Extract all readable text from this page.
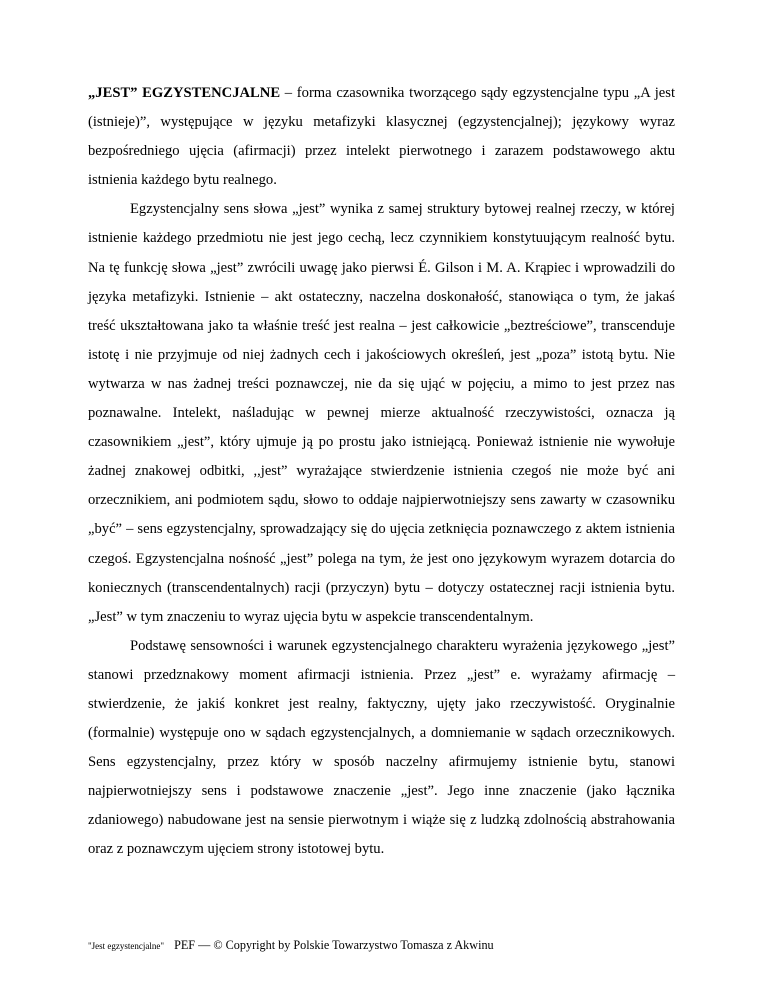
„JEST” EGZYSTENCJALNE – forma czasownika tworzącego sądy egzystencjalne typu „A jest (istnieje)”, występujące w języku metafizyki klasycznej (egzystencjalnej); językowy wyraz bezpośredniego ujęcia (afirmacji) przez intelekt pierwotnego i zarazem podstawowego aktu istnienia każdego bytu realnego.

Egzystencjalny sens słowa „jest” wynika z samej struktury bytowej realnej rzeczy, w której istnienie każdego przedmiotu nie jest jego cechą, lecz czynnikiem konstytuującym realność bytu. Na tę funkcję słowa „jest” zwrócili uwagę jako pierwsi É. Gilson i M. A. Krąpiec i wprowadzili do języka metafizyki. Istnienie – akt ostateczny, naczelna doskonałość, stanowiąca o tym, że jakaś treść ukształtowana jako ta właśnie treść jest realna – jest całkowicie „beztreściowe”, transcenduje istotę i nie przyjmuje od niej żadnych cech i jakościowych określeń, jest „poza” istotą bytu. Nie wytwarza w nas żadnej treści poznawczej, nie da się ująć w pojęciu, a mimo to jest przez nas poznawalne. Intelekt, naśladując w pewnej mierze aktualność rzeczywistości, oznacza ją czasownikiem „jest”, który ujmuje ją po prostu jako istniejącą. Ponieważ istnienie nie wywołuje żadnej znakowej odbitki, ,,jest” wyrażające stwierdzenie istnienia czegoś nie może być ani orzecznikiem, ani podmiotem sądu, słowo to oddaje najpierwotniejszy sens zawarty w czasowniku „być” – sens egzystencjalny, sprowadzający się do ujęcia zetknięcia poznawczego z aktem istnienia czegoś. Egzystencjalna nośność „jest” polega na tym, że jest ono językowym wyrazem dotarcia do koniecznych (transcendentalnych) racji (przyczyn) bytu – dotyczy ostatecznej racji istnienia bytu. „Jest” w tym znaczeniu to wyraz ujęcia bytu w aspekcie transcendentalnym.

Podstawę sensowności i warunek egzystencjalnego charakteru wyrażenia językowego „jest” stanowi przedznakowy moment afirmacji istnienia. Przez „jest” e. wyrażamy afirmację – stwierdzenie, że jakiś konkret jest realny, faktyczny, ujęty jako rzeczywistość. Oryginalnie (formalnie) występuje ono w sądach egzystencjalnych, a domniemanie w sądach orzecznikowych. Sens egzystencjalny, przez który w sposób naczelny afirmujemy istnienie bytu, stanowi najpierwotniejszy sens i podstawowe znaczenie „jest”. Jego inne znaczenie (jako łącznika zdaniowego) nabudowane jest na sensie pierwotnym i wiąże się z ludzką zdolnością abstrahowania oraz z poznawczym ujęciem strony istotowej bytu.

"Jest egzystencjalne" PEF — © Copyright by Polskie Towarzystwo Tomasza z Akwinu
